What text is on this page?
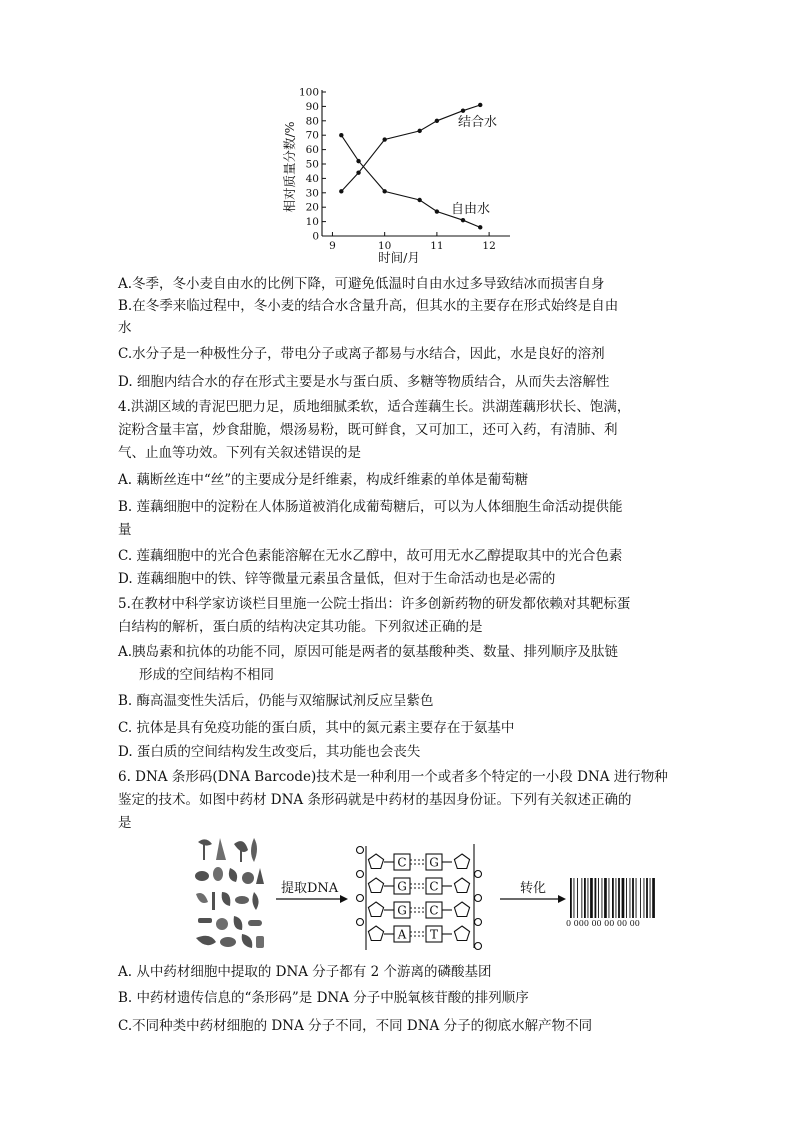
0
10
20
30
40
50
60
70
80
90
100
9	10	11	12
相对质量分数/%
时间/月
结合水
自由水
A.冬季，冬小麦自由水的比例下降，可避免低温时自由水过多导致结冰而损害自身
B.在冬季来临过程中，冬小麦的结合水含量升高，但其水的主要存在形式始终是自由
水
C.水分子是一种极性分子，带电分子或离子都易与水结合，因此，水是良好的溶剂
D. 细胞内结合水的存在形式主要是水与蛋白质、多糖等物质结合，从而失去溶解性
4.洪湖区域的青泥巴肥力足，质地细腻柔软，适合莲藕生长。洪湖莲藕形状长、饱满，
淀粉含量丰富，炒食甜脆，煨汤易粉，既可鲜食，又可加工，还可入药，有清肺、利
气、止血等功效。下列有关叙述错误的是
A. 藕断丝连中“丝”的主要成分是纤维素，构成纤维素的单体是葡萄糖
B. 莲藕细胞中的淀粉在人体肠道被消化成葡萄糖后，可以为人体细胞生命活动提供能
量
C. 莲藕细胞中的光合色素能溶解在无水乙醇中，故可用无水乙醇提取其中的光合色素
D. 莲藕细胞中的铁、锌等微量元素虽含量低，但对于生命活动也是必需的
5.在教材中科学家访谈栏目里施一公院士指出：许多创新药物的研发都依赖对其靶标蛋
白结构的解析，蛋白质的结构决定其功能。下列叙述正确的是
A.胰岛素和抗体的功能不同，原因可能是两者的氨基酸种类、数量、排列顺序及肽链
形成的空间结构不相同
B. 酶高温变性失活后，仍能与双缩脲试剂反应呈紫色
C. 抗体是具有免疫功能的蛋白质，其中的氮元素主要存在于氨基中
D. 蛋白质的空间结构发生改变后，其功能也会丧失
6. DNA 条形码(DNA Barcode)技术是一种利用一个或者多个特定的一小段 DNA 进行物种
鉴定的技术。如图中药材 DNA 条形码就是中药材的基因身份证。下列有关叙述正确的
是
提取DNA
C G
G C
G C
A T
转化
0 000 00 00 00 00
A. 从中药材细胞中提取的 DNA 分子都有 2 个游离的磷酸基团
B. 中药材遗传信息的“条形码”是 DNA 分子中脱氧核苷酸的排列顺序
C.不同种类中药材细胞的 DNA 分子不同，不同 DNA 分子的彻底水解产物不同
